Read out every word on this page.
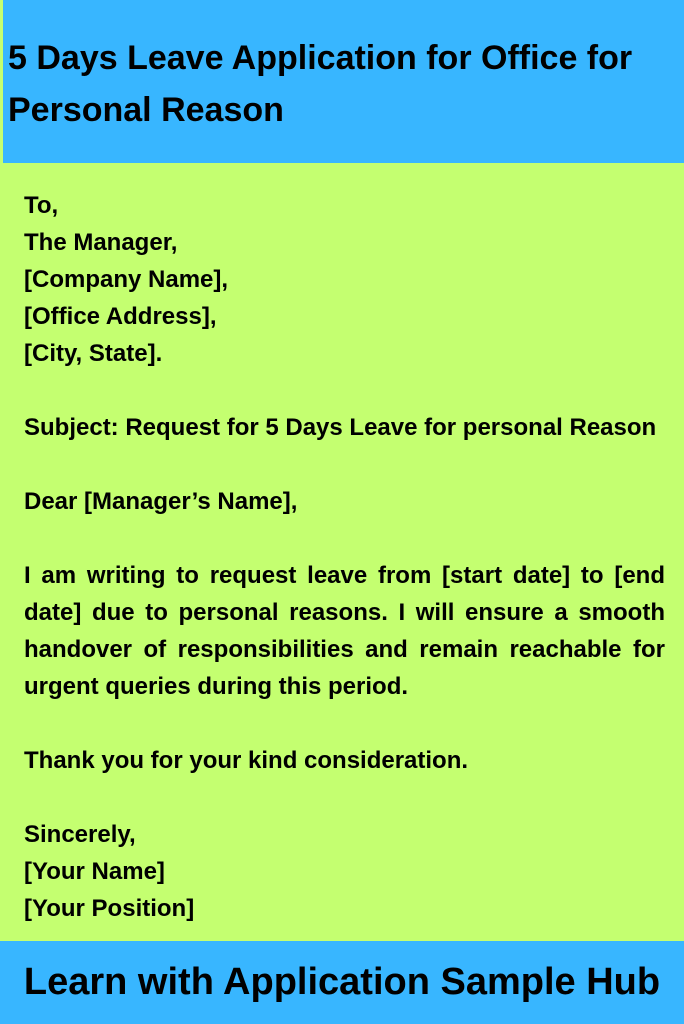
5 Days Leave Application for Office for Personal Reason

To,

The Manager,

[Company Name],

[Office Address],

[City, State].

Subject: Request for 5 Days Leave for personal Reason

Dear [Manager’s Name],

I am writing to request leave from [start date] to [end date] due to personal reasons. I will ensure a smooth handover of responsibilities and remain reachable for urgent queries during this period.

Thank you for your kind consideration.

Sincerely,

[Your Name]

[Your Position]

Learn with Application Sample Hub
